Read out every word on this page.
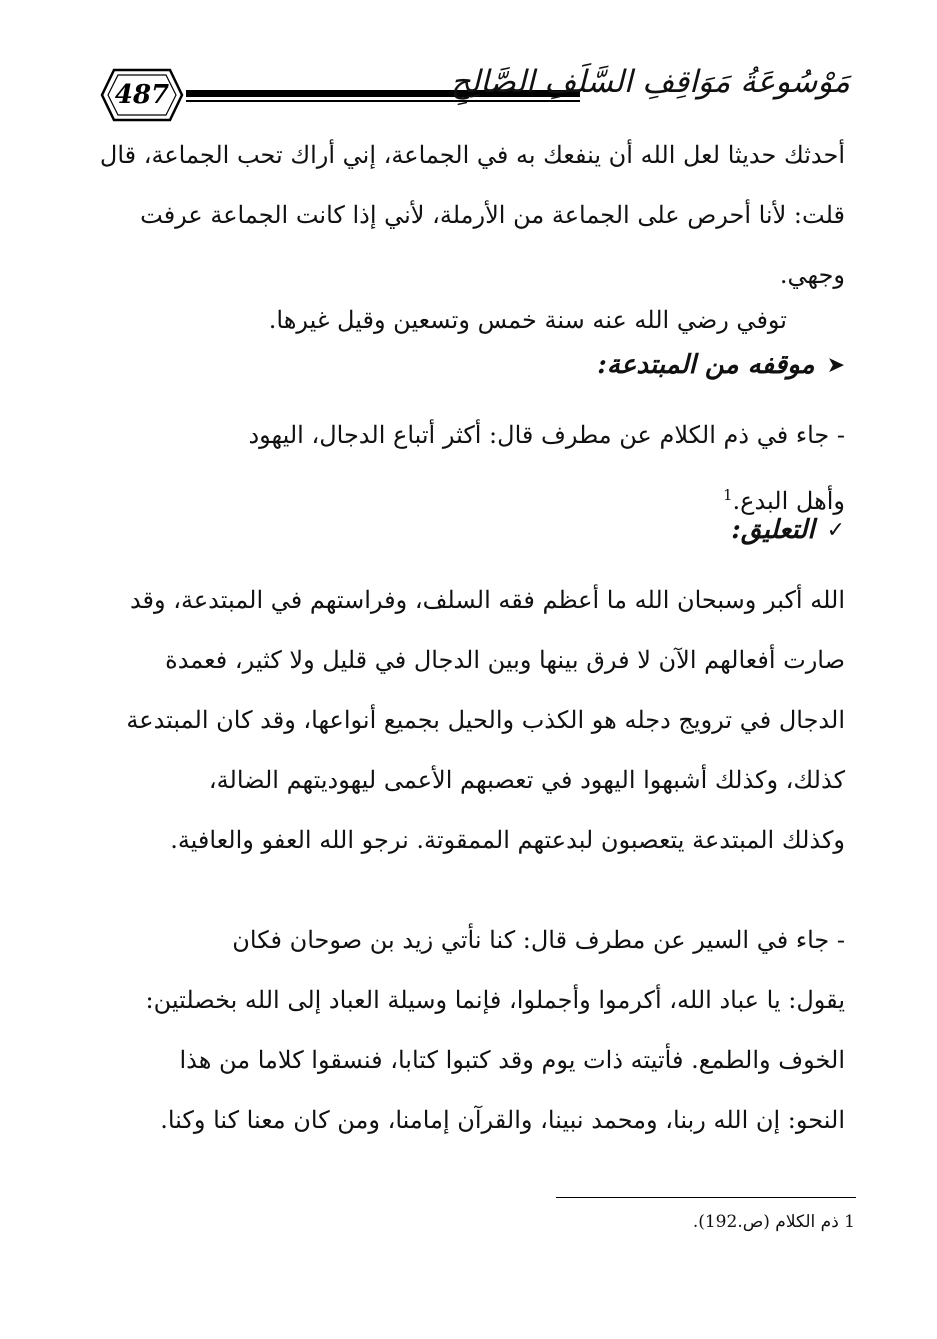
487	مَوْسُوعَةُ مَوَاقِفِ السَّلَفِ الصَّالِحِ
أحدثك حديثا لعل الله أن ينفعك به في الجماعة، إني أراك تحب الجماعة، قال
قلت: لأنا أحرص على الجماعة من الأرملة، لأني إذا كانت الجماعة عرفت
وجهي.
توفي رضي الله عنه سنة خمس وتسعين وقيل غيرها.
➤
موقفه من المبتدعة:
- جاء في ذم الكلام عن مطرف قال: أكثر أتباع الدجال، اليهود
وأهل البدع.$^1$
✓
التعليق:
الله أكبر وسبحان الله ما أعظم فقه السلف، وفراستهم في المبتدعة، وقد
صارت أفعالهم الآن لا فرق بينها وبين الدجال في قليل ولا كثير، فعمدة
الدجال في ترويج دجله هو الكذب والحيل بجميع أنواعها، وقد كان المبتدعة
كذلك، وكذلك أشبهوا اليهود في تعصبهم الأعمى ليهوديتهم الضالة،
وكذلك المبتدعة يتعصبون لبدعتهم الممقوتة. نرجو الله العفو والعافية.
- جاء في السير عن مطرف قال: كنا نأتي زيد بن صوحان فكان
يقول: يا عباد الله، أكرموا وأجملوا، فإنما وسيلة العباد إلى الله بخصلتين:
الخوف والطمع. فأتيته ذات يوم وقد كتبوا كتابا، فنسقوا كلاما من هذا
النحو: إن الله ربنا، ومحمد نبينا، والقرآن إمامنا، ومن كان معنا كنا وكنا.
1 ذم الكلام (ص.192).
